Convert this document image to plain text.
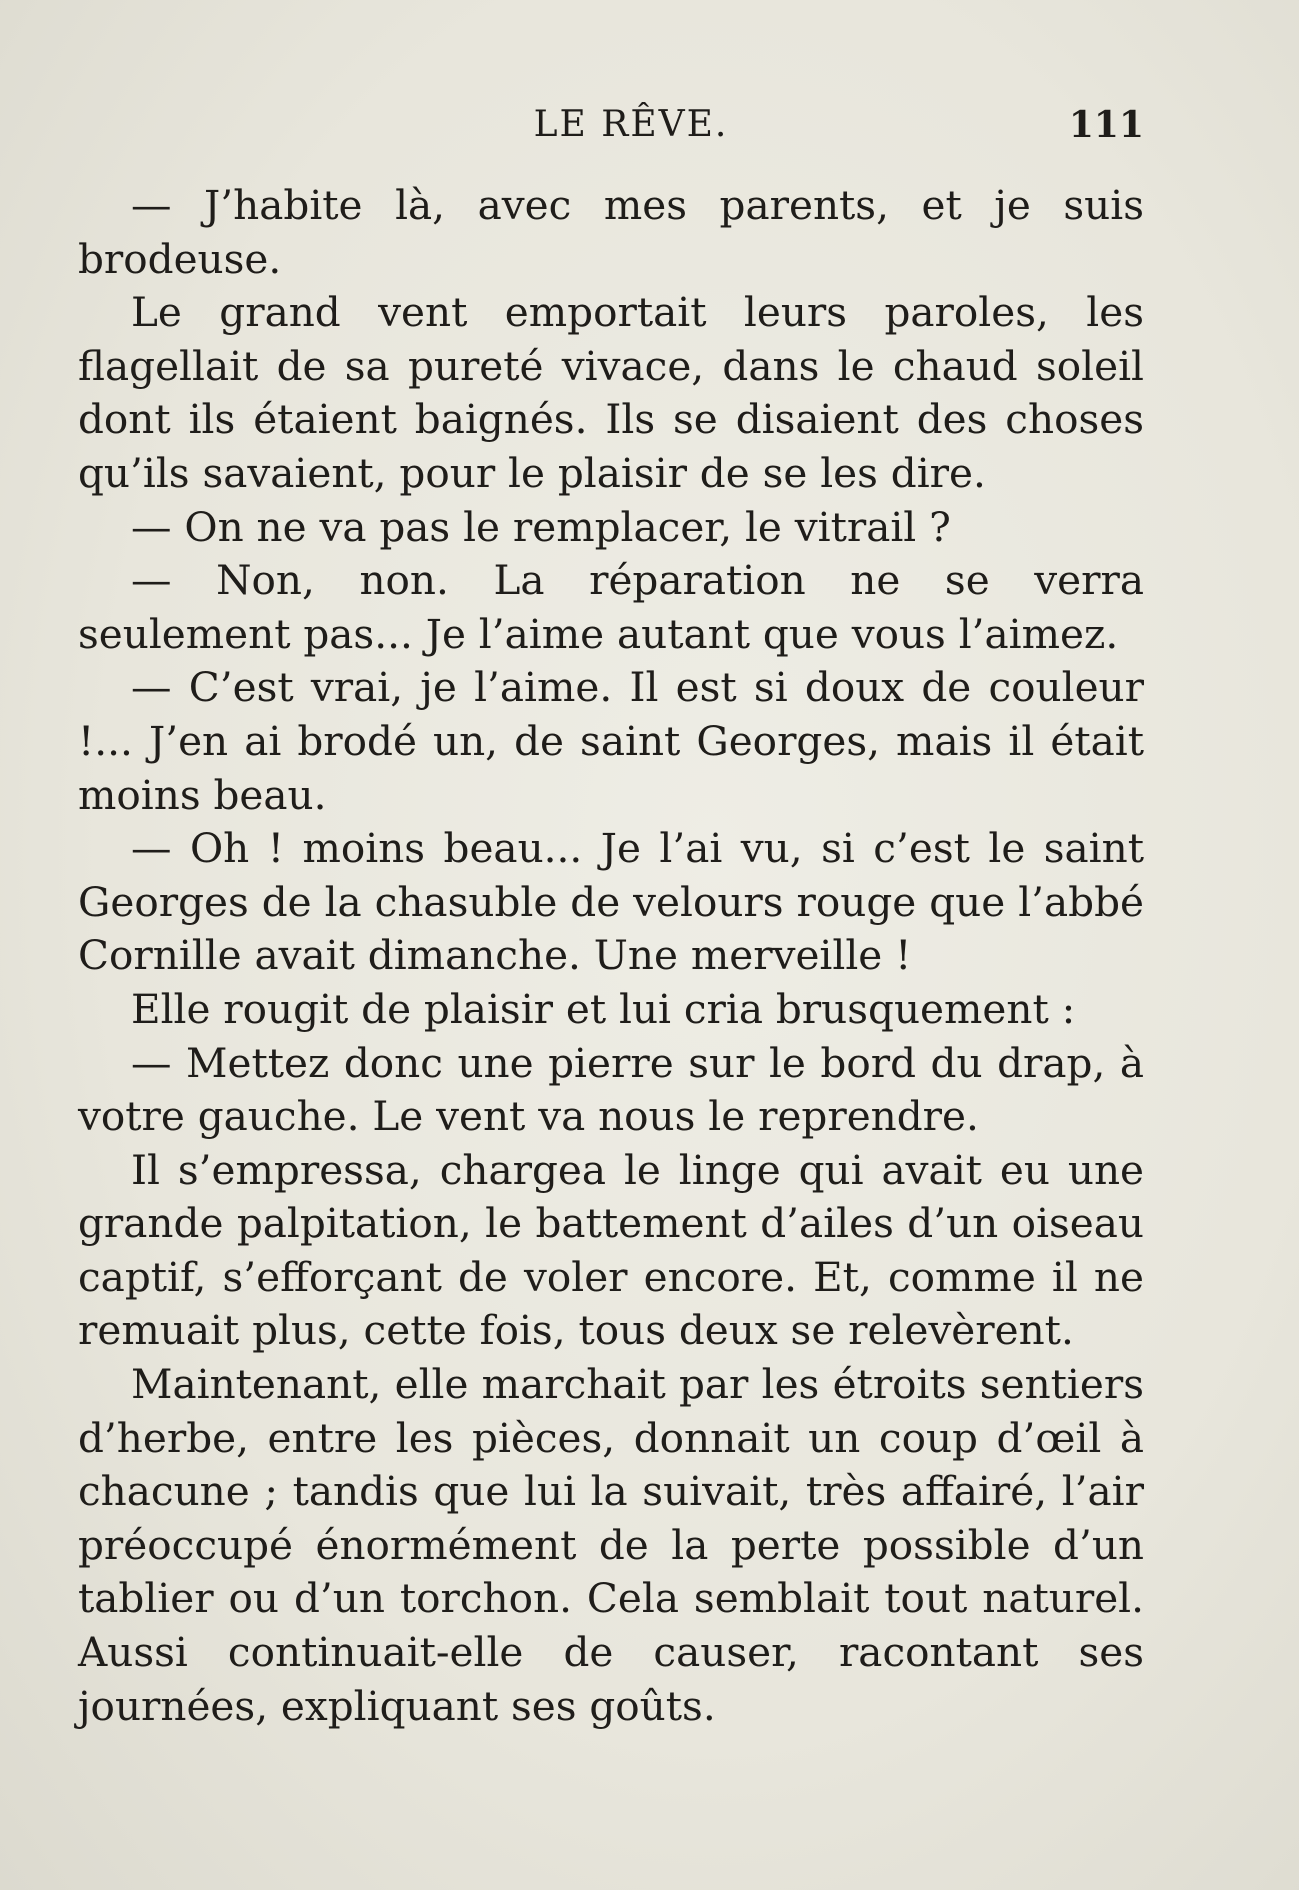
LE RÊVE.	111

— J’habite là, avec mes parents, et je suis brodeuse.

Le grand vent emportait leurs paroles, les flagellait de sa pureté vivace, dans le chaud soleil dont ils étaient baignés. Ils se disaient des choses qu’ils savaient, pour le plaisir de se les dire.

— On ne va pas le remplacer, le vitrail ?

— Non, non. La réparation ne se verra seulement pas... Je l’aime autant que vous l’aimez.

— C’est vrai, je l’aime. Il est si doux de couleur !... J’en ai brodé un, de saint Georges, mais il était moins beau.

— Oh ! moins beau... Je l’ai vu, si c’est le saint Georges de la chasuble de velours rouge que l’abbé Cornille avait dimanche. Une merveille !

Elle rougit de plaisir et lui cria brusquement :

— Mettez donc une pierre sur le bord du drap, à votre gauche. Le vent va nous le reprendre.

Il s’empressa, chargea le linge qui avait eu une grande palpitation, le battement d’ailes d’un oiseau captif, s’efforçant de voler encore. Et, comme il ne remuait plus, cette fois, tous deux se relevèrent.

Maintenant, elle marchait par les étroits sentiers d’herbe, entre les pièces, donnait un coup d’œil à chacune ; tandis que lui la suivait, très affairé, l’air préoccupé énormément de la perte possible d’un tablier ou d’un torchon. Cela semblait tout naturel. Aussi continuait-elle de causer, racontant ses journées, expliquant ses goûts.
